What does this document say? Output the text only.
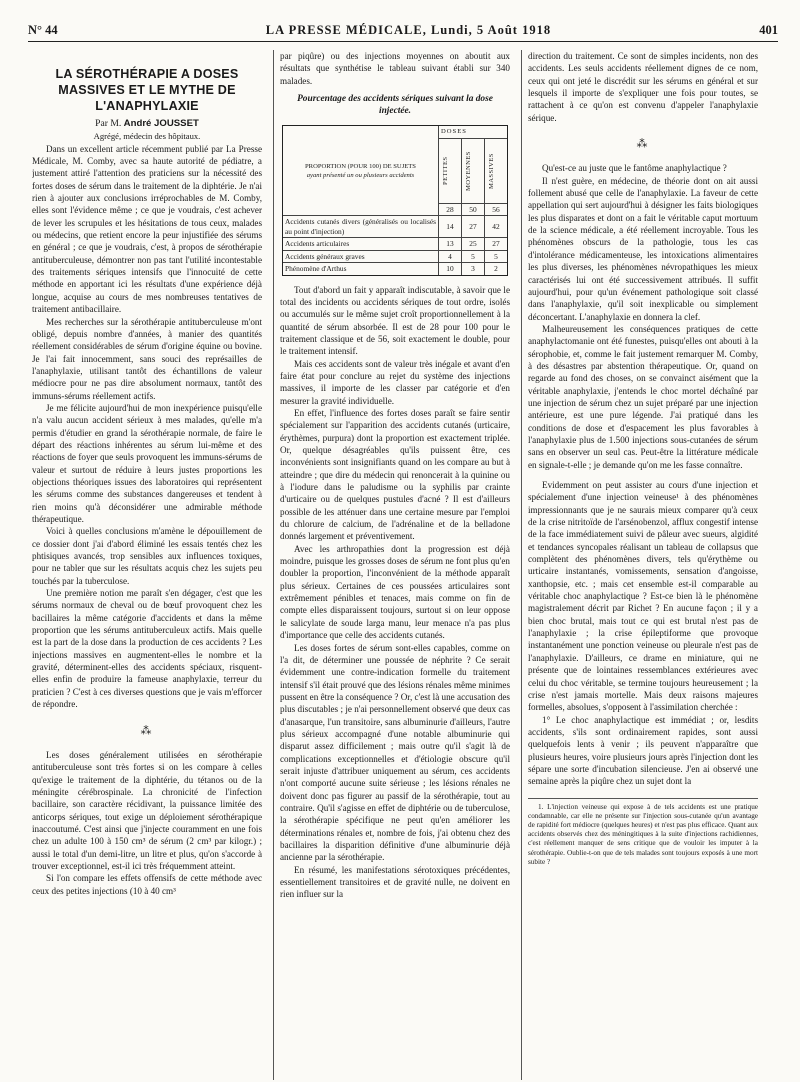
N° 44	LA PRESSE MÉDICALE, Lundi, 5 Août 1918	401
LA SÉROTHÉRAPIE A DOSES MASSIVES ET LE MYTHE DE L'ANAPHYLAXIE

Par M. André JOUSSET

Agrégé, médecin des hôpitaux.

Dans un excellent article récemment publié par La Presse Médicale, M. Comby, avec sa haute autorité de pédiatre, a justement attiré l'attention des praticiens sur la nécessité des fortes doses de sérum dans le traitement de la diphtérie. Je n'ai rien à ajouter aux conclusions irréprochables de M. Comby, elles sont l'évidence même ; ce que je voudrais, c'est achever de lever les scrupules et les hésitations de tous ceux, malades ou médecins, que retient encore la peur injustifiée des sérums en général ; ce que je voudrais, c'est, à propos de sérothérapie antituberculeuse, démontrer non pas tant l'utilité incontestable des traitements sériques intensifs que l'innocuité de cette méthode en apportant ici les résultats d'une expérience déjà longue, acquise au cours de mes nombreuses tentatives de traitement antibacillaire.

Mes recherches sur la sérothérapie antituberculeuse m'ont obligé, depuis nombre d'années, à manier des quantités réellement considérables de sérum d'origine équine ou bovine. Je l'ai fait innocemment, sans souci des représailles de l'anaphylaxie, utilisant tantôt des échantillons de valeur médiocre pour ne pas dire absolument normaux, tantôt des immuns-sérums réellement actifs.

Je me félicite aujourd'hui de mon inexpérience puisqu'elle n'a valu aucun accident sérieux à mes malades, qu'elle m'a permis d'étudier en grand la sérothérapie normale, de faire le départ des réactions inhérentes au sérum lui-même et des réactions de foyer que seuls provoquent les immuns-sérums de valeur et surtout de réduire à leurs justes proportions les objections théoriques issues des laboratoires qui représentent les sérums comme des substances dangereuses et tendent à rien moins qu'à déconsidérer une admirable méthode thérapeutique.

Voici à quelles conclusions m'amène le dépouillement de ce dossier dont j'ai d'abord éliminé les essais tentés chez les phtisiques avancés, trop sensibles aux influences toxiques, pour ne tabler que sur les résultats acquis chez les sujets peu touchés par la tuberculose.

Une première notion me paraît s'en dégager, c'est que les sérums normaux de cheval ou de bœuf provoquent chez les bacillaires la même catégorie d'accidents et dans la même proportion que les sérums antituberculeux actifs. Mais quelle est la part de la dose dans la production de ces accidents ? Les injections massives en augmentent-elles le nombre et la gravité, déterminent-elles des accidents spéciaux, risquent-elles enfin de produire la fameuse anaphylaxie, terreur du praticien ? C'est à ces diverses questions que je vais m'efforcer de répondre.

⁂

Les doses généralement utilisées en sérothérapie antituberculeuse sont très fortes si on les compare à celles qu'exige le traitement de la diphtérie, du tétanos ou de la méningite cérébrospinale. La chronicité de l'infection bacillaire, son caractère récidivant, la puissance limitée des anticorps sériques, tout exige un déploiement sérothérapique inaccoutumé. C'est ainsi que j'injecte couramment en une fois chez un adulte 100 à 150 cm³ de sérum (2 cm³ par kilogr.) ; aussi le total d'un demi-litre, un litre et plus, qu'on s'accorde à trouver exceptionnel, est-il ici très fréquemment atteint.

Si l'on compare les effets offensifs de cette méthode avec ceux des petites injections (10 à 40 cm³

par piqûre) ou des injections moyennes on aboutit aux résultats que synthétise le tableau suivant établi sur 340 malades.

Pourcentage des accidents sériques suivant la dose injectée.
PROPORTION (POUR 100) DE SUJETS
ayant présenté un ou plusieurs accidents	DOSES		

	PETITES	MOYENNES	MASSIVES

	28	50	56
Accidents cutanés divers (généralisés ou localisés au point d'injection)	14	27	42
Accidents articulaires	13	25	27
Accidents généraux graves	4	5	5
Phénomène d'Arthus	10	3	2

Tout d'abord un fait y apparaît indiscutable, à savoir que le total des incidents ou accidents sériques de tout ordre, isolés ou accumulés sur le même sujet croît proportionnellement à la quantité de sérum absorbée. Il est de 28 pour 100 pour le traitement classique et de 56, soit exactement le double, pour le traitement intensif.

Mais ces accidents sont de valeur très inégale et avant d'en faire état pour conclure au rejet du système des injections massives, il importe de les classer par catégorie et d'en mesurer la gravité individuelle.

En effet, l'influence des fortes doses paraît se faire sentir spécialement sur l'apparition des accidents cutanés (urticaire, érythèmes, purpura) dont la proportion est exactement triplée. Or, quelque désagréables qu'ils puissent être, ces inconvénients sont insignifiants quand on les compare au but à atteindre ; que dire du médecin qui renoncerait à la quinine ou à l'iodure dans le paludisme ou la syphilis par crainte d'urticaire ou de quelques pustules d'acné ? Il est d'ailleurs possible de les atténuer dans une certaine mesure par l'emploi du chlorure de calcium, de l'adrénaline et de la belladone donnés largement et préventivement.

Avec les arthropathies dont la progression est déjà moindre, puisque les grosses doses de sérum ne font plus qu'en doubler la proportion, l'inconvénient de la méthode apparaît plus sérieux. Certaines de ces poussées articulaires sont extrêmement pénibles et tenaces, mais comme on fin de compte elles disparaissent toujours, surtout si on leur oppose le salicylate de soude larga manu, leur menace n'a pas plus d'importance que celle des accidents cutanés.

Les doses fortes de sérum sont-elles capables, comme on l'a dit, de déterminer une poussée de néphrite ? Ce serait évidemment une contre-indication formelle du traitement intensif s'il était prouvé que des lésions rénales même minimes pussent en être la conséquence ? Or, c'est là une accusation des plus discutables ; je n'ai personnellement observé que deux cas d'anasarque, l'un transitoire, sans albuminurie d'ailleurs, l'autre plus sérieux accompagné d'une notable albuminurie qui disparut assez difficilement ; mais outre qu'il s'agit là de complications exceptionnelles et d'étiologie obscure qu'il serait injuste d'attribuer uniquement au sérum, ces accidents n'ont comporté aucune suite sérieuse ; les lésions rénales ne doivent donc pas figurer au passif de la sérothérapie, tout au contraire. Qu'il s'agisse en effet de diphtérie ou de tuberculose, la sérothérapie spécifique ne peut qu'en améliorer les déterminations rénales et, nombre de fois, j'ai obtenu chez des bacillaires la disparition définitive d'une albuminurie déjà ancienne par la sérothérapie.

En résumé, les manifestations sérotoxiques précédentes, essentiellement transitoires et de gravité nulle, ne doivent en rien influer sur la

direction du traitement. Ce sont de simples incidents, non des accidents. Les seuls accidents réellement dignes de ce nom, ceux qui ont jeté le discrédit sur les sérums en général et sur lesquels il importe de s'expliquer une fois pour toutes, se rattachent à ce qu'on est convenu d'appeler l'anaphylaxie sérique.

⁂

Qu'est-ce au juste que le fantôme anaphylactique ?

Il n'est guère, en médecine, de théorie dont on ait aussi follement abusé que celle de l'anaphylaxie. La faveur de cette appellation qui sert aujourd'hui à désigner les faits biologiques les plus disparates et dont on a fait le véritable caput mortuum de la science médicale, a été réellement incroyable. Tous les phénomènes obscurs de la pathologie, tous les cas d'intolérance médicamenteuse, les intoxications alimentaires les plus diverses, les phénomènes névropathiques les mieux caractérisés lui ont été successivement attribués. Il suffit aujourd'hui, pour qu'un événement pathologique soit classé dans l'anaphylaxie, qu'il soit inexplicable ou simplement déconcertant. L'anaphylaxie en donnera la clef.

Malheureusement les conséquences pratiques de cette anaphylactomanie ont été funestes, puisqu'elles ont abouti à la sérophobie, et, comme le fait justement remarquer M. Comby, à des désastres par abstention thérapeutique. Or, quand on regarde au fond des choses, on se convainct aisément que la véritable anaphylaxie, j'entends le choc mortel déchaîné par une injection de sérum chez un sujet préparé par une injection antérieure, est une pure légende. J'ai pratiqué dans les conditions de dose et d'espacement les plus favorables à l'anaphylaxie plus de 1.500 injections sous-cutanées de sérum sans en observer un seul cas. Peut-être la littérature médicale en signale-t-elle ; je demande qu'on me les fasse connaître.

Evidemment on peut assister au cours d'une injection et spécialement d'une injection veineuse¹ à des phénomènes impressionnants que je ne saurais mieux comparer qu'à ceux de la crise nitritoïde de l'arsénobenzol, afflux congestif intense de la face immédiatement suivi de pâleur avec sueurs, algidité et tendances syncopales réalisant un tableau de collapsus que complètent des phénomènes divers, tels qu'érythème ou urticaire instantanés, vomissements, sensation d'angoisse, xanthopsie, etc. ; mais cet ensemble est-il comparable au véritable choc anaphylactique ? Est-ce bien là le phénomène magistralement décrit par Richet ? En aucune façon ; il y a bien choc brutal, mais tout ce qui est brutal n'est pas de l'anaphylaxie ; la crise épileptiforme que provoque instantanément une ponction veineuse ou pleurale n'est pas de l'anaphylaxie. D'ailleurs, ce drame en miniature, qui ne présente que de lointaines ressemblances extérieures avec celui du choc véritable, se termine toujours heureusement ; la crise n'est jamais mortelle. Mais deux raisons majeures formelles, absolues, s'opposent à l'assimilation cherchée :

1° Le choc anaphylactique est immédiat ; or, lesdits accidents, s'ils sont ordinairement rapides, sont aussi quelquefois lents à venir ; ils peuvent n'apparaître que plusieurs heures, voire plusieurs jours après l'injection dont les sépare une sorte d'incubation silencieuse. J'en ai observé une semaine après la piqûre chez un sujet dont la

1. L'injection veineuse qui expose à de tels accidents est une pratique condamnable, car elle ne présente sur l'injection sous-cutanée qu'un avantage de rapidité fort médiocre (quelques heures) et n'est pas plus efficace. Quant aux accidents observés chez des méningitiques à la suite d'injections rachidiennes, c'est réellement manquer de sens critique que de vouloir les imputer à la sérothérapie. Oublie-t-on que de tels malades sont toujours exposés à une mort subite ?
